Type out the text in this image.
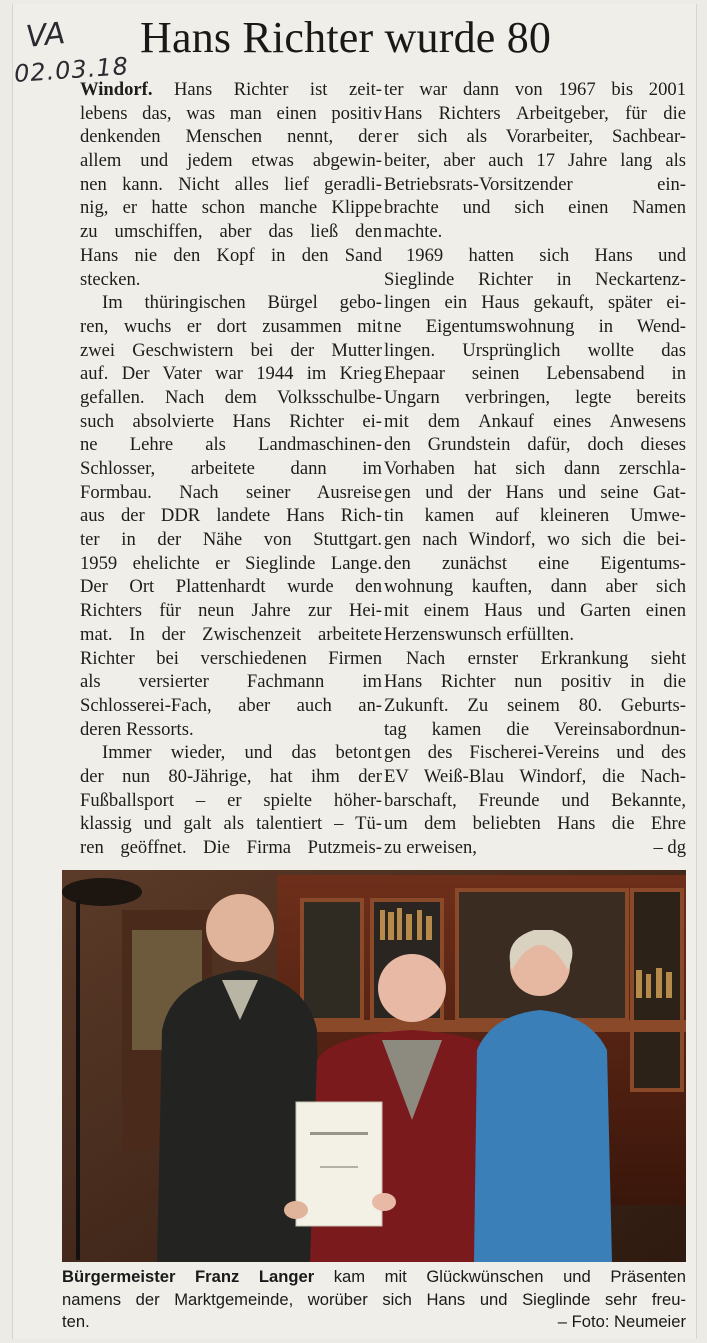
VA
02.03.18
Hans Richter wurde 80
Windorf. Hans Richter ist zeit-
lebens das, was man einen positiv
denkenden Menschen nennt, der
allem und jedem etwas abgewin-
nen kann. Nicht alles lief geradli-
nig, er hatte schon manche Klippe
zu umschiffen, aber das ließ den
Hans nie den Kopf in den Sand
stecken.
Im thüringischen Bürgel gebo-
ren, wuchs er dort zusammen mit
zwei Geschwistern bei der Mutter
auf. Der Vater war 1944 im Krieg
gefallen. Nach dem Volksschulbe-
such absolvierte Hans Richter ei-
ne Lehre als Landmaschinen-
Schlosser, arbeitete dann im
Formbau. Nach seiner Ausreise
aus der DDR landete Hans Rich-
ter in der Nähe von Stuttgart.
1959 ehelichte er Sieglinde Lange.
Der Ort Plattenhardt wurde den
Richters für neun Jahre zur Hei-
mat. In der Zwischenzeit arbeitete
Richter bei verschiedenen Firmen
als versierter Fachmann im
Schlosserei-Fach, aber auch an-
deren Ressorts.
Immer wieder, und das betont
der nun 80-Jährige, hat ihm der
Fußballsport – er spielte höher-
klassig und galt als talentiert – Tü-
ren geöffnet. Die Firma Putzmeis-
ter war dann von 1967 bis 2001
Hans Richters Arbeitgeber, für die
er sich als Vorarbeiter, Sachbear-
beiter, aber auch 17 Jahre lang als
Betriebsrats-Vorsitzender ein-
brachte und sich einen Namen
machte.
1969 hatten sich Hans und
Sieglinde Richter in Neckartenz-
lingen ein Haus gekauft, später ei-
ne Eigentumswohnung in Wend-
lingen. Ursprünglich wollte das
Ehepaar seinen Lebensabend in
Ungarn verbringen, legte bereits
mit dem Ankauf eines Anwesens
den Grundstein dafür, doch dieses
Vorhaben hat sich dann zerschla-
gen und der Hans und seine Gat-
tin kamen auf kleineren Umwe-
gen nach Windorf, wo sich die bei-
den zunächst eine Eigentums-
wohnung kauften, dann aber sich
mit einem Haus und Garten einen
Herzenswunsch erfüllten.
Nach ernster Erkrankung sieht
Hans Richter nun positiv in die
Zukunft. Zu seinem 80. Geburts-
tag kamen die Vereinsabordnun-
gen des Fischerei-Vereins und des
EV Weiß-Blau Windorf, die Nach-
barschaft, Freunde und Bekannte,
um dem beliebten Hans die Ehre
zu erweisen,	– dg
Bürgermeister Franz Langer kam mit Glückwünschen und Präsenten
namens der Marktgemeinde, worüber sich Hans und Sieglinde sehr freu-
ten.	– Foto: Neumeier
